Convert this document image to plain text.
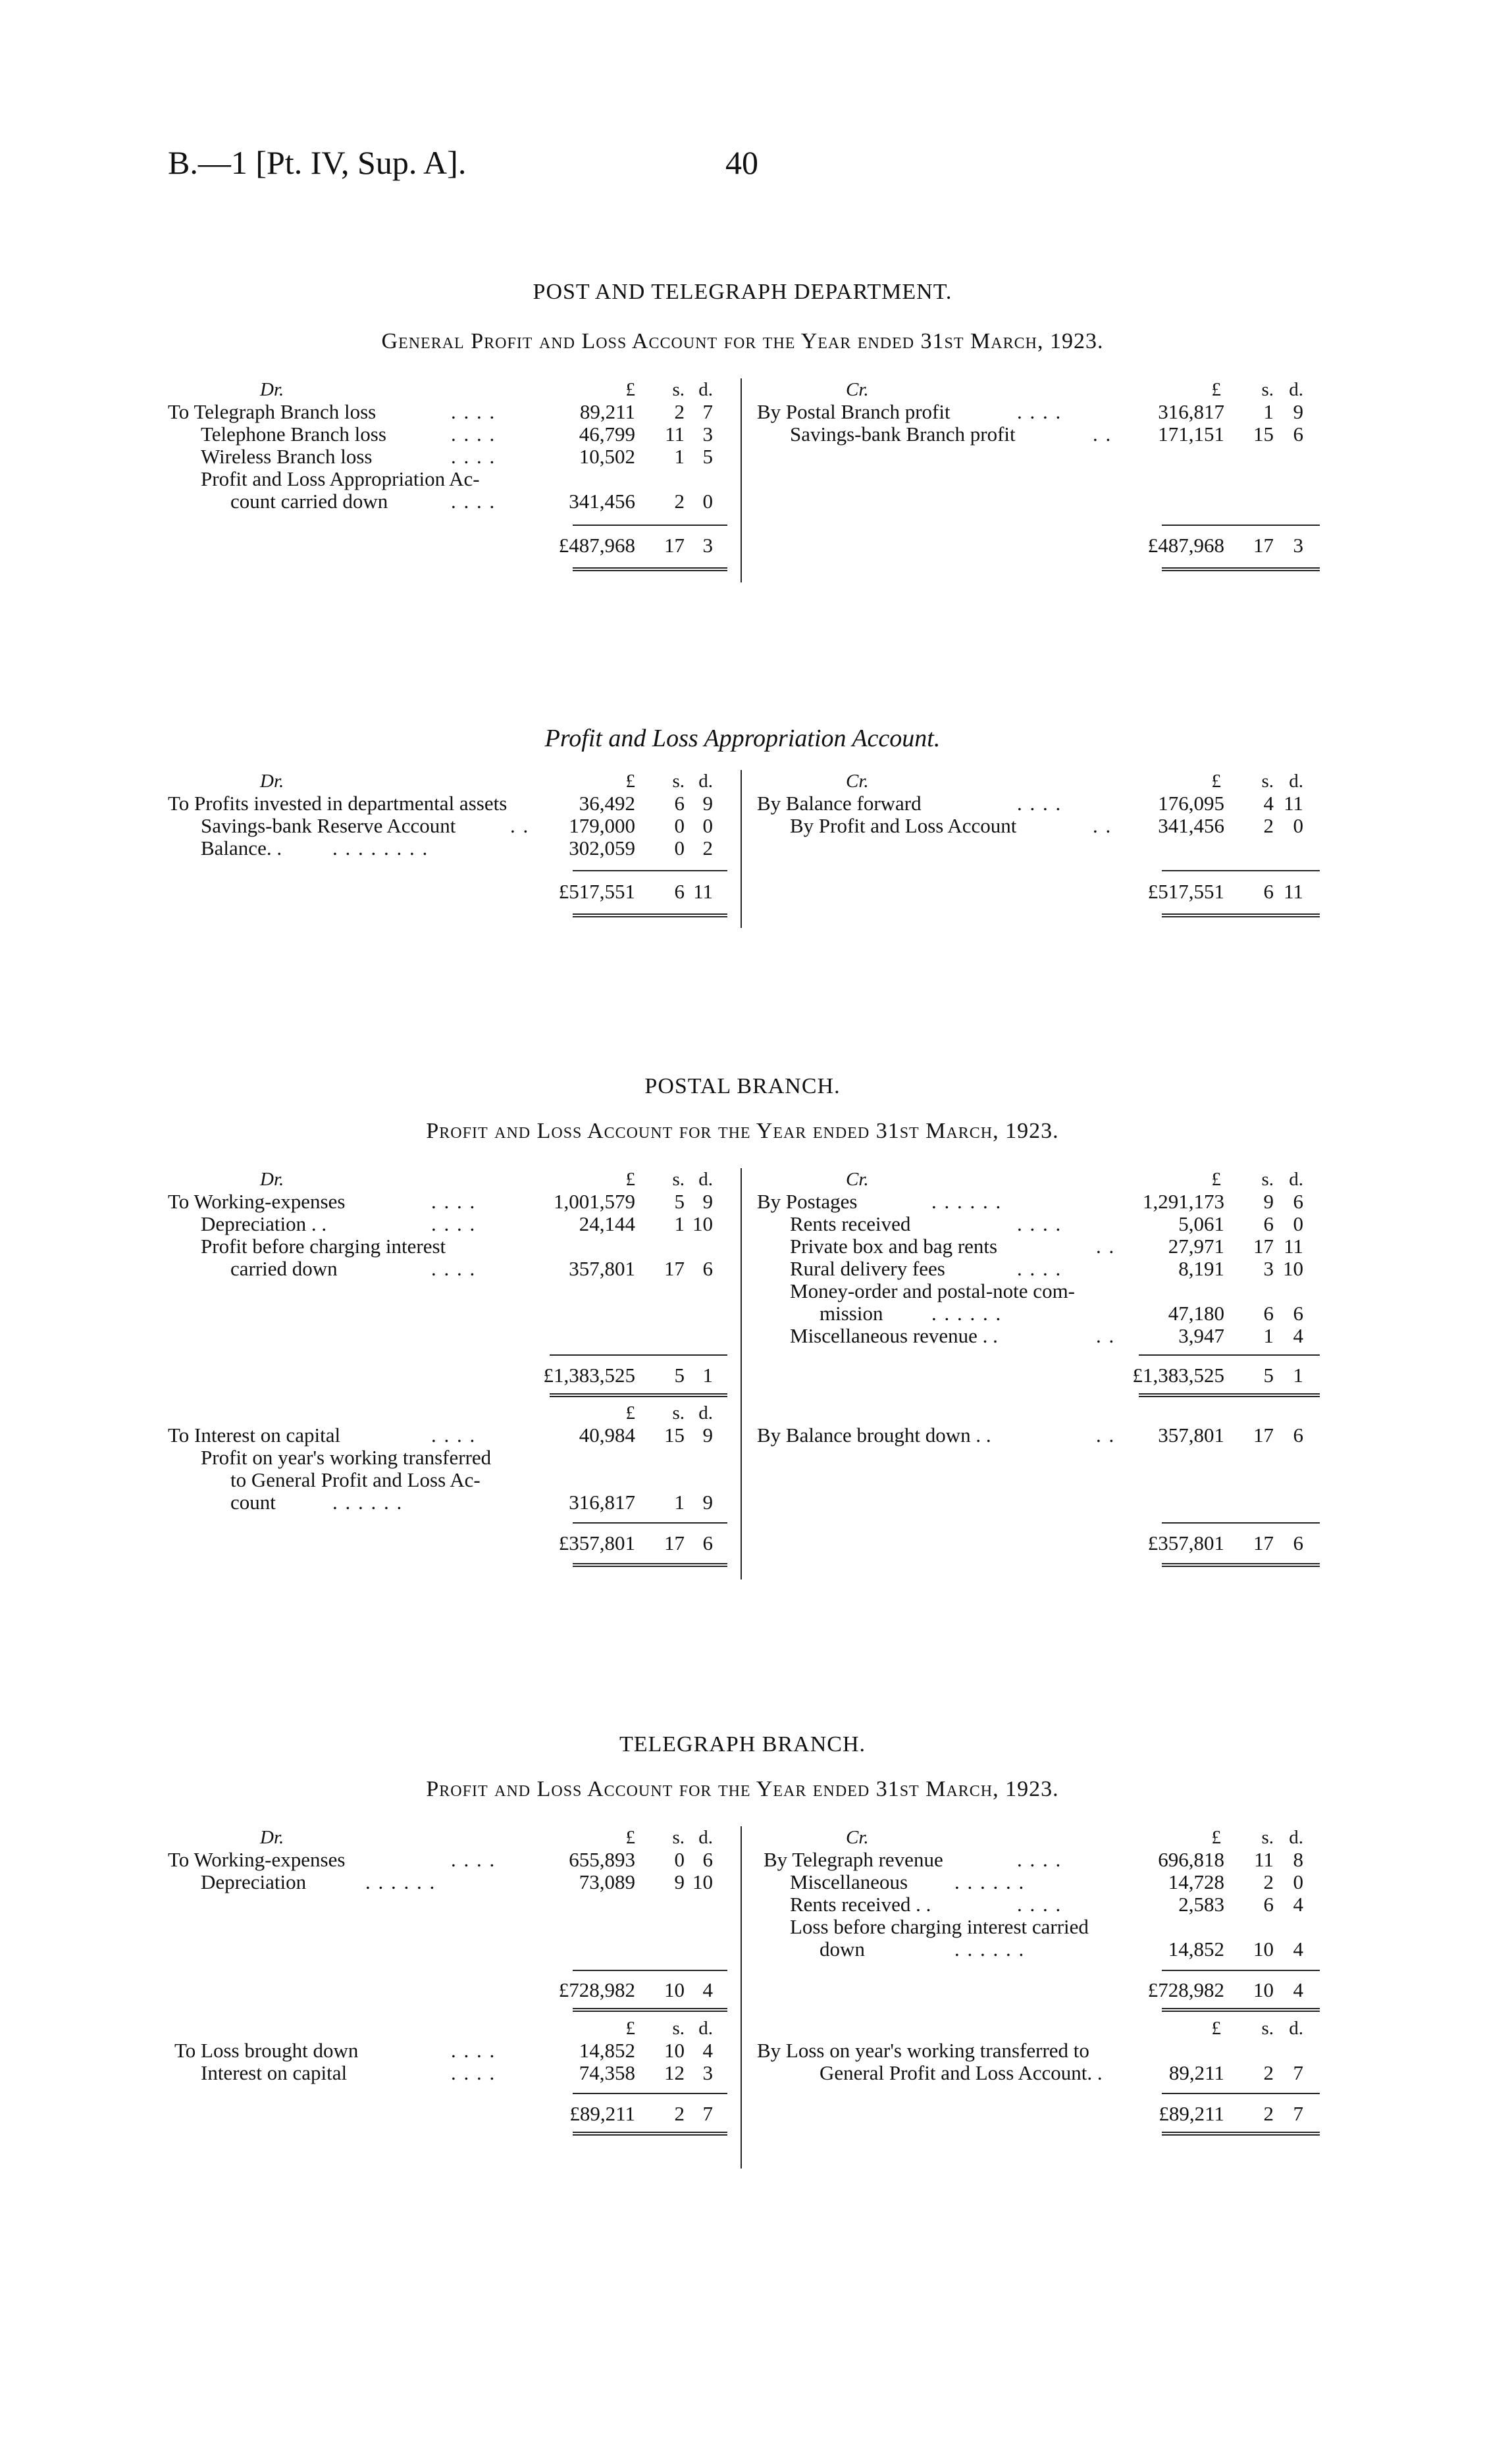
B.—1 [Pt. IV, Sup. A].	40
POST AND TELEGRAPH DEPARTMENT.
General Profit and Loss Account for the Year ended 31st March, 1923.
Dr.	£	s. d.
To Telegraph Branch loss	. . . .	89,211	2 7
Telephone Branch loss	. . . .	46,799	11 3
Wireless Branch loss	. . . .	10,502	1 5
Profit and Loss Appropriation Ac-
count carried down	. . . .	341,456	2 0
£487,968	17 3
Cr.	£	s. d.
By Postal Branch profit	. . . .	316,817	1 9
Savings-bank Branch profit	. .	171,151	15 6
£487,968	17 3
Profit and Loss Appropriation Account.
Dr.	£	s. d.
To Profits invested in departmental assets	36,492	6 9
Savings-bank Reserve Account	. .	179,000	0 0
Balance. . . . . . . . . .	302,059	0 2
£517,551	6 11
Cr.	£	s. d.
By Balance forward	. . . .	176,095	4 11
By Profit and Loss Account	. .	341,456	2 0
£517,551	6 11
POSTAL BRANCH.
Profit and Loss Account for the Year ended 31st March, 1923.
Dr.	£	s. d.
To Working-expenses	. . . .	1,001,579	5 9
Depreciation . .	. . . .	24,144	1 10
Profit before charging interest
carried down	. . . .	357,801	17 6
£1,383,525	5 1
£	s. d.
To Interest on capital	. . . .	40,984	15 9
Profit on year's working transferred
to General Profit and Loss Ac-
count	. . . . . .	316,817	1 9
£357,801	17 6
Cr.	£	s. d.
By Postages	. . . . . .	1,291,173	9 6
Rents received	. . . .	5,061	6 0
Private box and bag rents	. .	27,971	17 11
Rural delivery fees	. . . .	8,191	3 10
Money-order and postal-note com-
mission . . . . . .	47,180	6 6
Miscellaneous revenue . .	. .	3,947	1 4
£1,383,525	5 1
By Balance brought down . .	. .	357,801	17 6
£357,801	17 6
TELEGRAPH BRANCH.
Profit and Loss Account for the Year ended 31st March, 1923.
Dr.	£	s. d.
To Working-expenses	. . . .	655,893	0 6
Depreciation	. . . . . .	73,089	9 10
£728,982	10 4
£	s. d.
To Loss brought down	. . . .	14,852	10 4
Interest on capital	. . . .	74,358	12 3
£89,211	2 7
Cr.	£	s. d.
By Telegraph revenue	. . . .	696,818	11 8
Miscellaneous . . . . . .	14,728	2 0
Rents received . .	. . . .	2,583	6 4
Loss before charging interest carried
down	. . . . . .	14,852	10 4
£728,982	10 4
£	s. d.
By Loss on year's working transferred to
General Profit and Loss Account. .	89,211	2 7
£89,211	2 7
